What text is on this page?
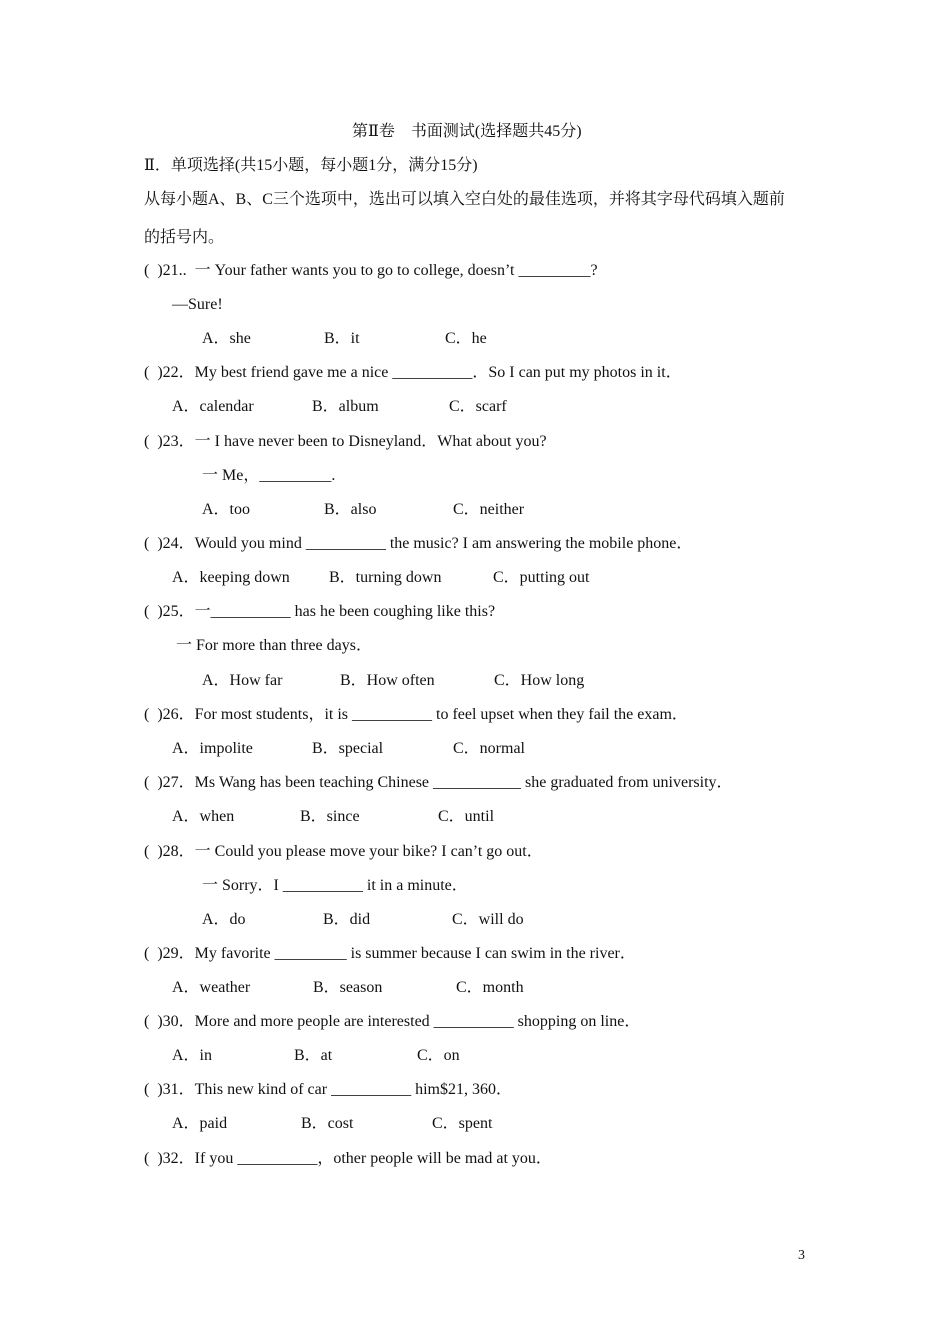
第Ⅱ卷　书面测试(选择题共45分)
Ⅱ．单项选择(共15小题，每小题1分，满分15分)
从每小题A、B、C三个选项中，选出可以填入空白处的最佳选项，并将其字母代码填入题前
的括号内。
(  )21..  一 Your father wants you to go to college, doesn’t _________?
—Sure!
A．she	B．it	C．he
(  )22．My best friend gave me a nice __________．So I can put my photos in it．
A．calendar	B．album	C．scarf
(  )23．一 I have never been to Disneyland．What about you?
一 Me，_________.
A．too	B．also	C．neither
(  )24．Would you mind __________ the music? I am answering the mobile phone．
A．keeping down B．turning down	C．putting out
(  )25．一__________ has he been coughing like this?
一 For more than three days．
A．How far	B．How often	C．How long
(  )26．For most students，it is __________ to feel upset when they fail the exam．
A．impolite	B．special	C．normal
(  )27．Ms Wang has been teaching Chinese ___________ she graduated from university．
A．when	B．since	C．until
(  )28．一 Could you please move your bike? I can’t go out．
一 Sorry．I __________ it in a minute．
A．do	B．did	C．will do
(  )29．My favorite _________ is summer because I can swim in the river．
A．weather	B．season	C．month
(  )30．More and more people are interested __________ shopping on line．
A．in	B．at	C．on
(  )31．This new kind of car __________ him$21, 360．
A．paid	B．cost	C．spent
(  )32．If you __________，other people will be mad at you．
3
